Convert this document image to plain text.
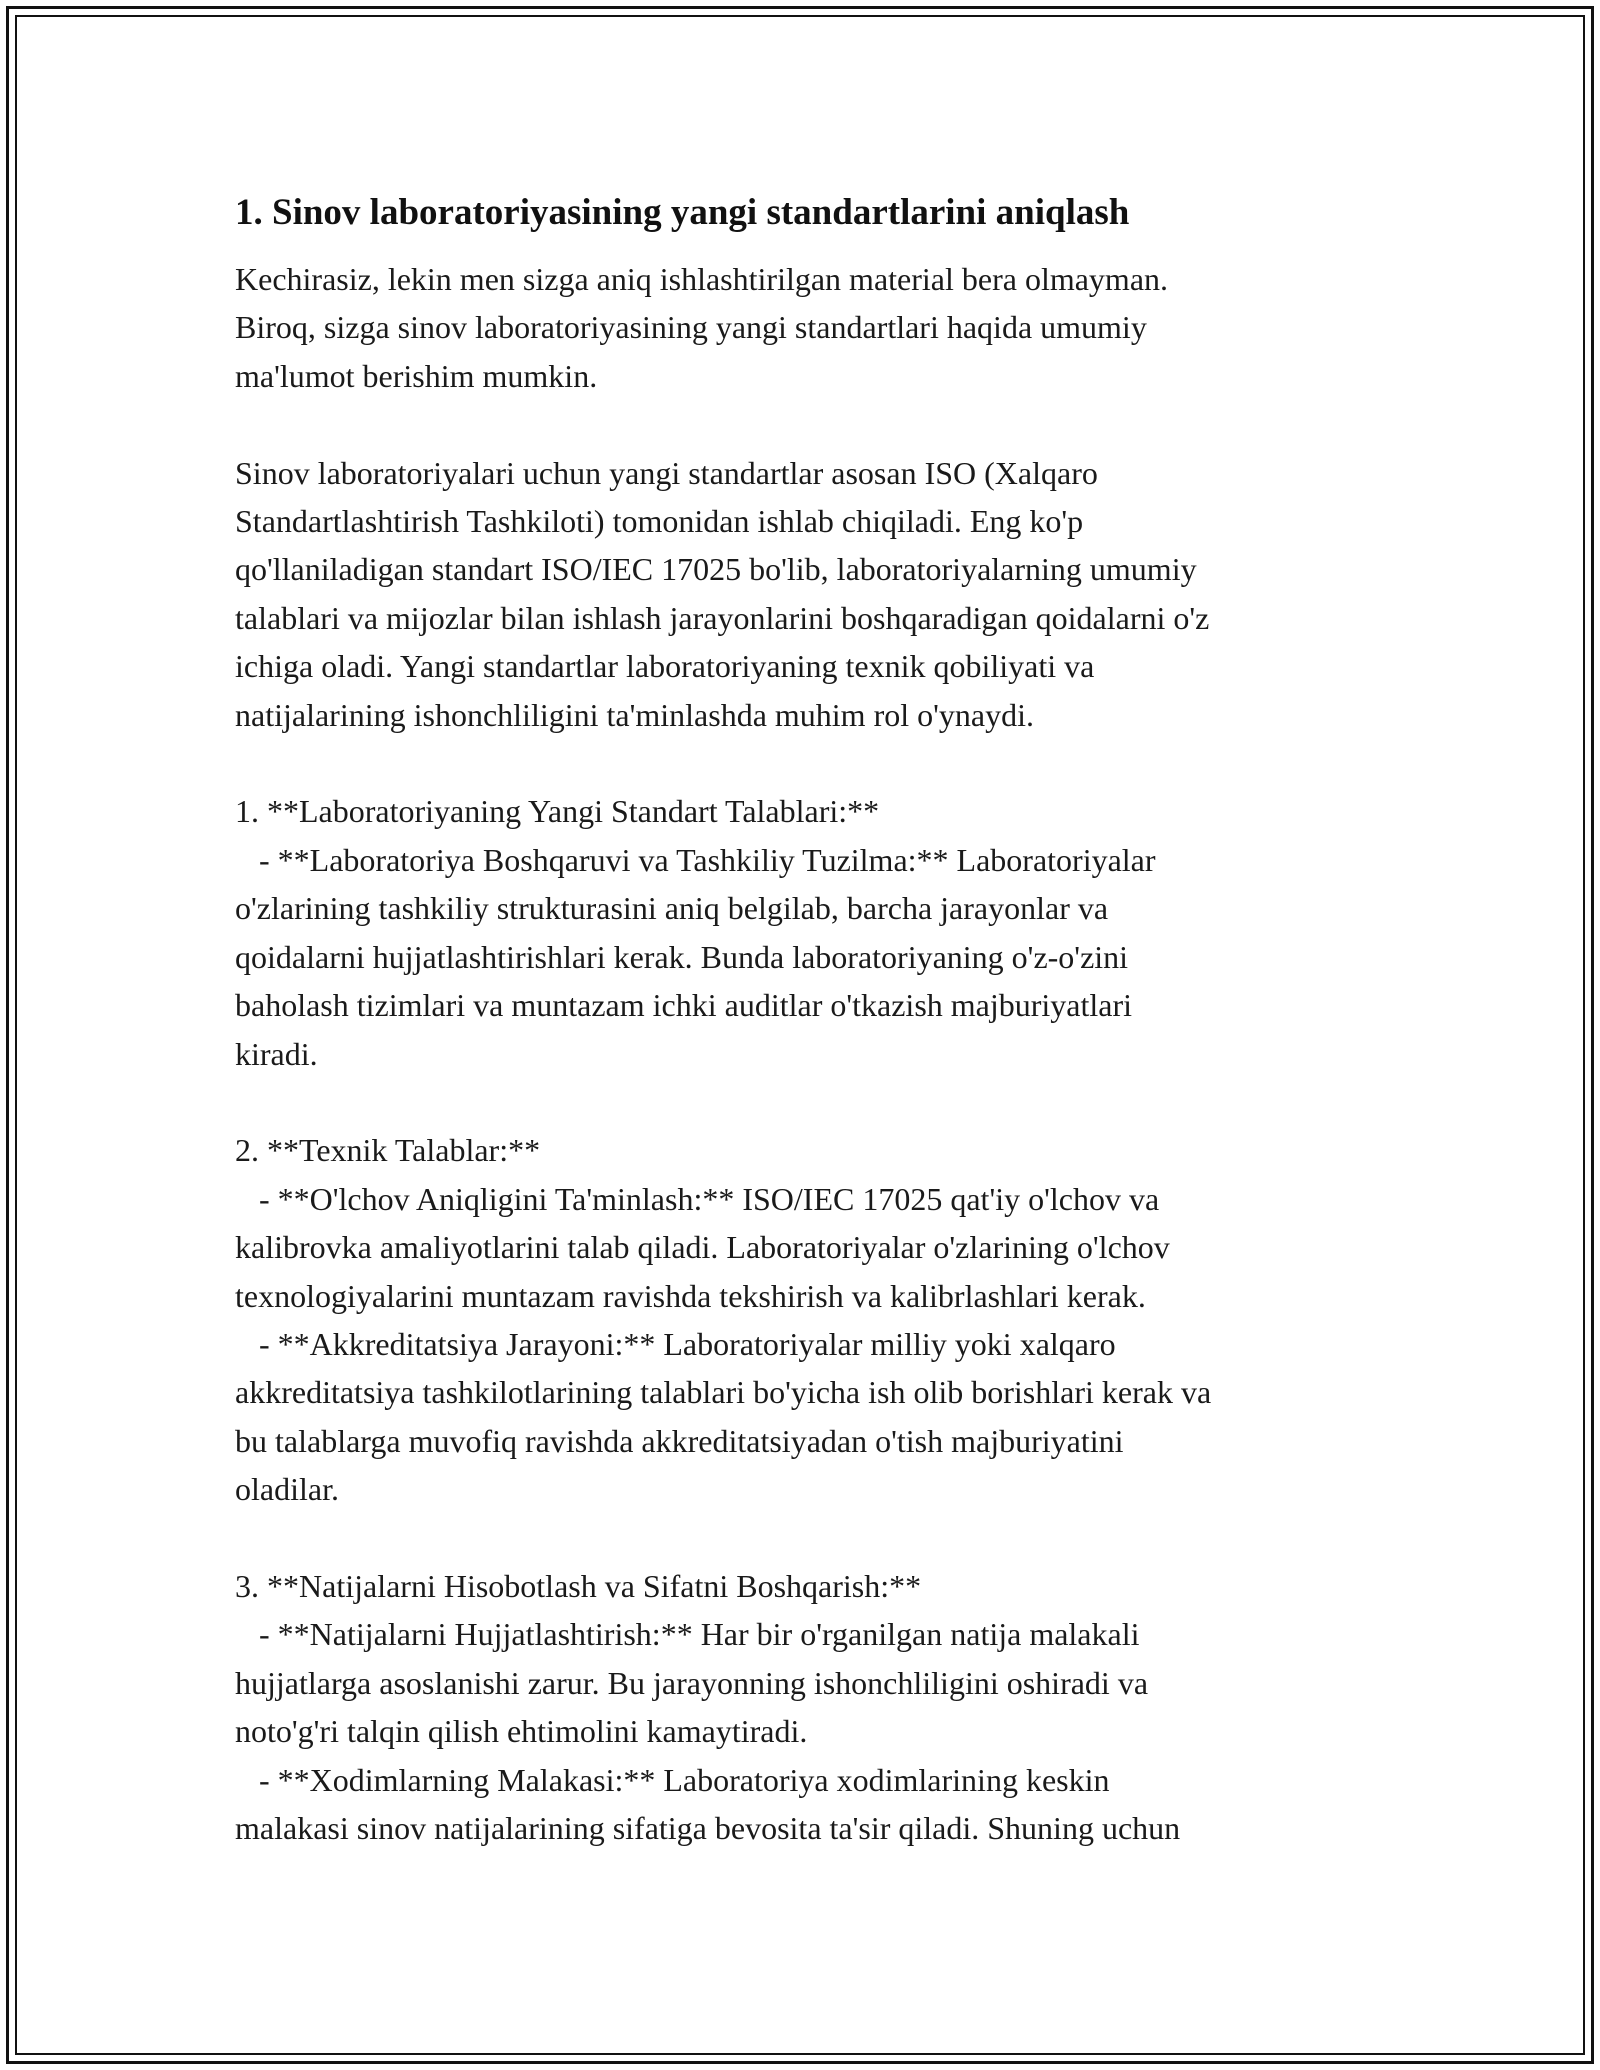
1. Sinov laboratoriyasining yangi standartlarini aniqlash
Kechirasiz, lekin men sizga aniq ishlashtirilgan material bera olmayman.
Biroq, sizga sinov laboratoriyasining yangi standartlari haqida umumiy
ma'lumot berishim mumkin.

Sinov laboratoriyalari uchun yangi standartlar asosan ISO (Xalqaro
Standartlashtirish Tashkiloti) tomonidan ishlab chiqiladi. Eng ko'p
qo'llaniladigan standart ISO/IEC 17025 bo'lib, laboratoriyalarning umumiy
talablari va mijozlar bilan ishlash jarayonlarini boshqaradigan qoidalarni o'z
ichiga oladi. Yangi standartlar laboratoriyaning texnik qobiliyati va
natijalarining ishonchliligini ta'minlashda muhim rol o'ynaydi.

1. **Laboratoriyaning Yangi Standart Talablari:**
- **Laboratoriya Boshqaruvi va Tashkiliy Tuzilma:** Laboratoriyalar
o'zlarining tashkiliy strukturasini aniq belgilab, barcha jarayonlar va
qoidalarni hujjatlashtirishlari kerak. Bunda laboratoriyaning o'z-o'zini
baholash tizimlari va muntazam ichki auditlar o'tkazish majburiyatlari
kiradi.

2. **Texnik Talablar:**
- **O'lchov Aniqligini Ta'minlash:** ISO/IEC 17025 qat'iy o'lchov va
kalibrovka amaliyotlarini talab qiladi. Laboratoriyalar o'zlarining o'lchov
texnologiyalarini muntazam ravishda tekshirish va kalibrlashlari kerak.
- **Akkreditatsiya Jarayoni:** Laboratoriyalar milliy yoki xalqaro
akkreditatsiya tashkilotlarining talablari bo'yicha ish olib borishlari kerak va
bu talablarga muvofiq ravishda akkreditatsiyadan o'tish majburiyatini
oladilar.

3. **Natijalarni Hisobotlash va Sifatni Boshqarish:**
- **Natijalarni Hujjatlashtirish:** Har bir o'rganilgan natija malakali
hujjatlarga asoslanishi zarur. Bu jarayonning ishonchliligini oshiradi va
noto'g'ri talqin qilish ehtimolini kamaytiradi.
- **Xodimlarning Malakasi:** Laboratoriya xodimlarining keskin
malakasi sinov natijalarining sifatiga bevosita ta'sir qiladi. Shuning uchun
